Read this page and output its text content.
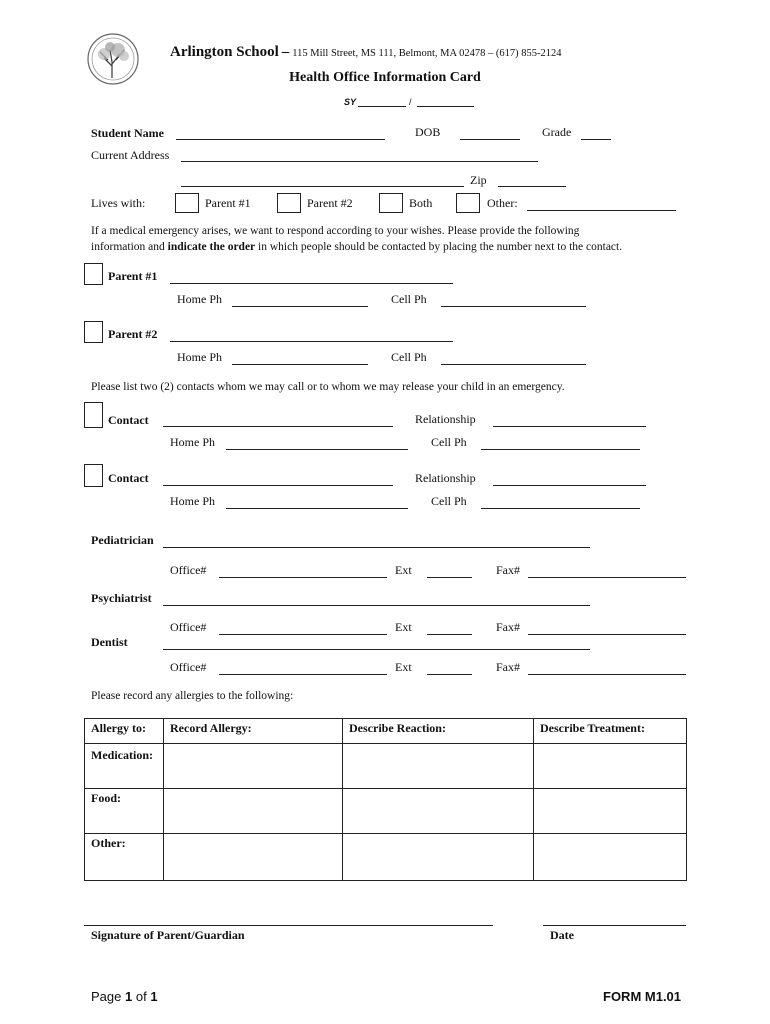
Arlington School – 115 Mill Street, MS 111, Belmont, MA 02478 – (617) 855-2124
Health Office Information Card
SY	/
Student Name	DOB	Grade
Current Address
Zip
Lives with:	Parent #1	Parent #2	Both	Other:
If a medical emergency arises, we want to respond according to your wishes. Please provide the following
information and indicate the order in which people should be contacted by placing the number next to the contact.
Parent #1
Home Ph	Cell Ph
Parent #2
Home Ph	Cell Ph
Please list two (2) contacts whom we may call or to whom we may release your child in an emergency.
Contact	Relationship
Home Ph	Cell Ph
Contact	Relationship
Home Ph	Cell Ph
Pediatrician
Office#	Ext	Fax#
Psychiatrist
Office#	Ext	Fax#
Dentist
Office#	Ext	Fax#
Please record any allergies to the following:
Allergy to:	Record Allergy:	Describe Reaction:	Describe Treatment:
Medication:			
Food:			
Other:			
Signature of Parent/Guardian	Date
Page 1 of 1	FORM M1.01
